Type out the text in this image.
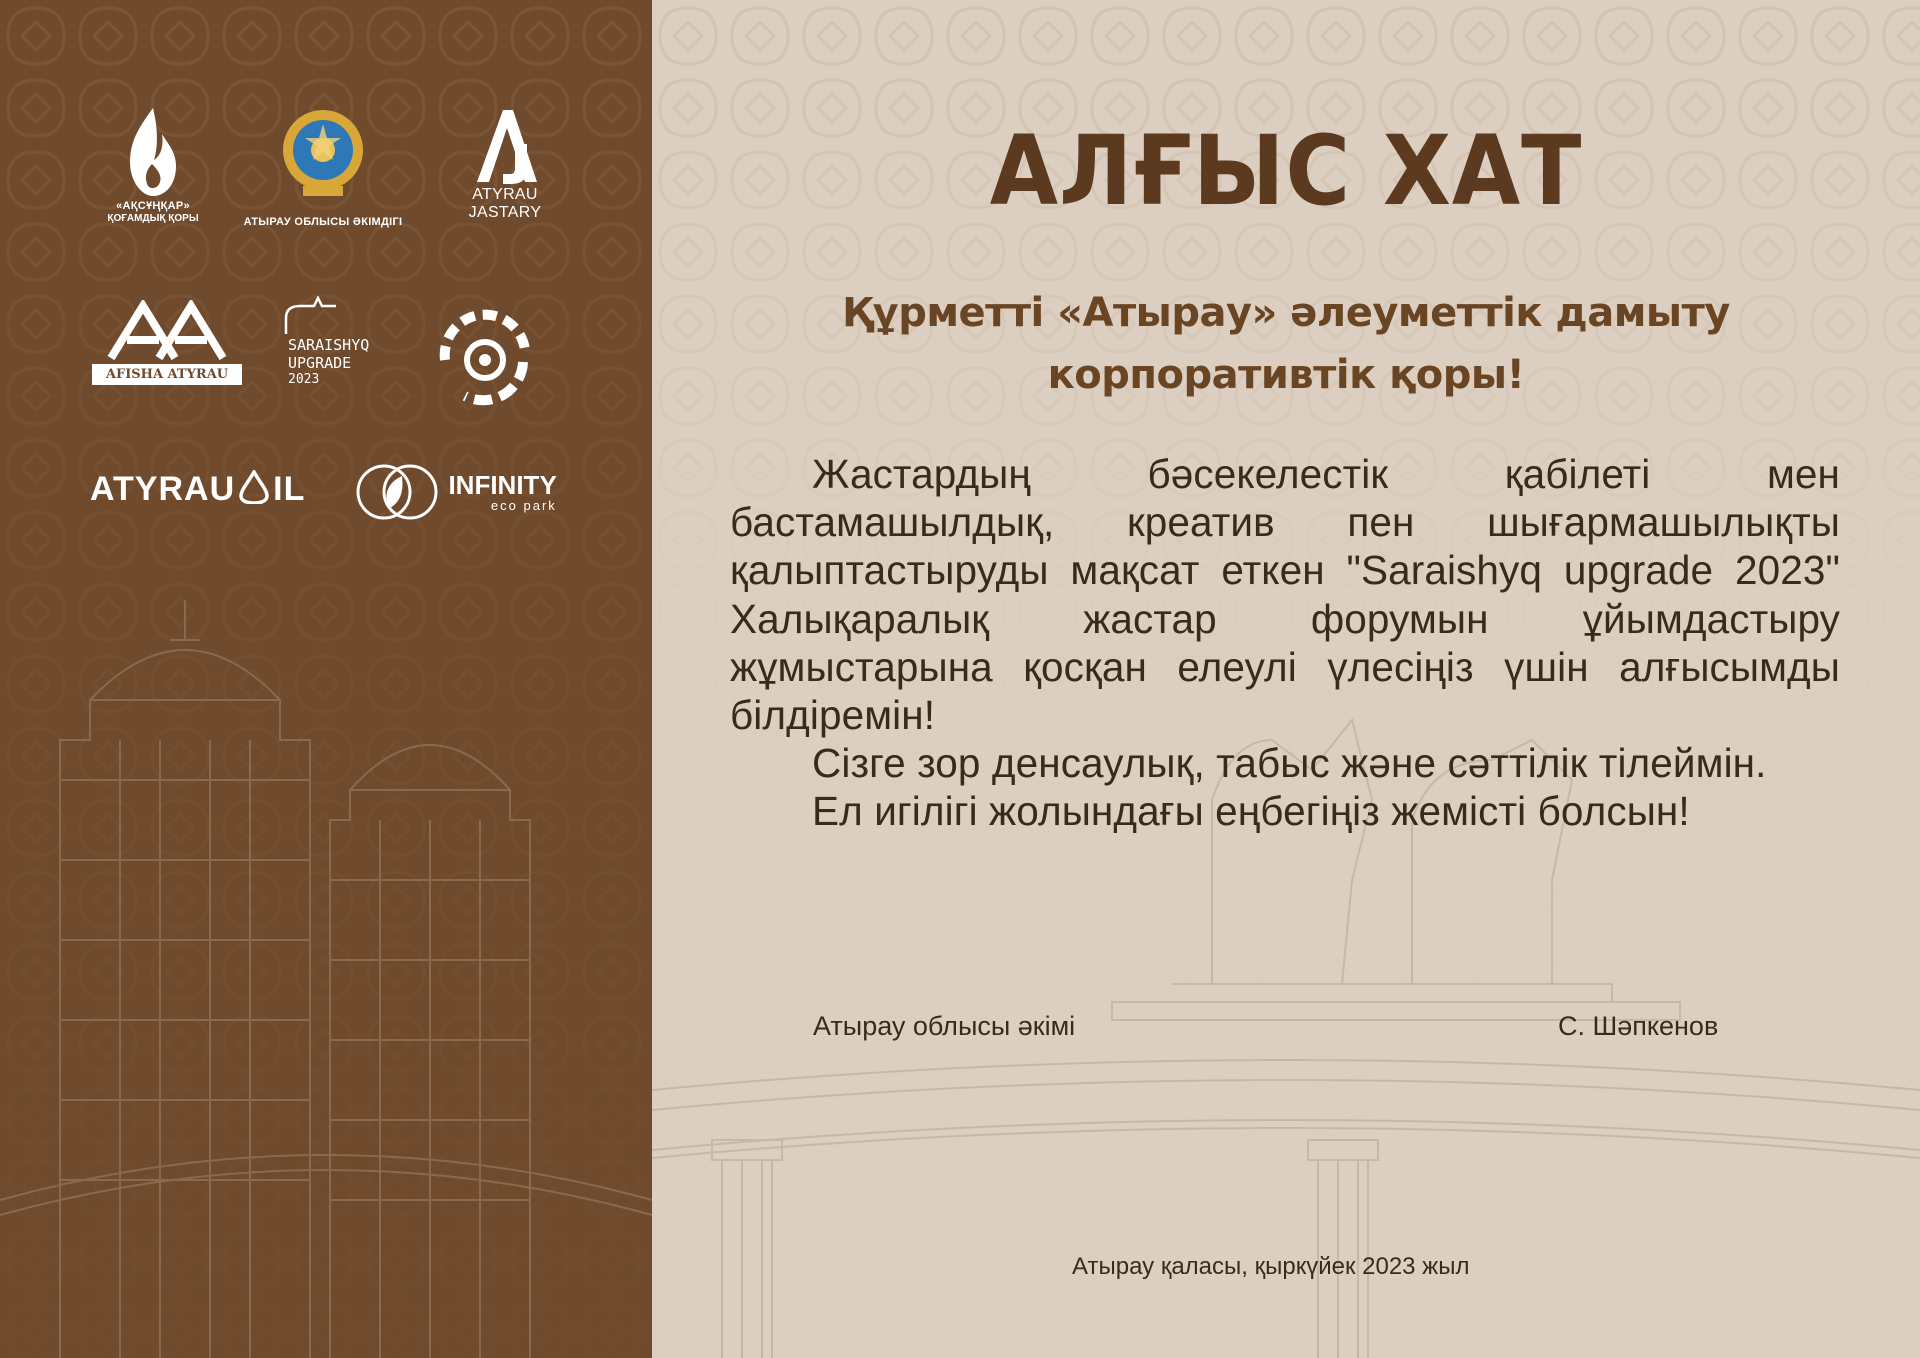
«АҚСҰҢҚАР»
ҚОҒАМДЫҚ ҚОРЫ	АТЫРАУ ОБЛЫСЫ ӘКІМДІГІ
ATYRAU
JASTARY
AFISHA ATYRAU
SARAISHYQ
UPGRADE
2023
ATYRAU IL
	INFINITY
eco park
АЛҒЫС ХАТ
Құрметті «Атырау» әлеуметтік дамыту
корпоративтік қоры!

Жастардың бәсекелестік қабілеті мен бастамашылдық, креатив пен шығармашылықты қалыптастыруды мақсат еткен "Saraishyq upgrade 2023" Халықаралық жастар форумын ұйымдастыру жұмыстарына қосқан елеулі үлесіңіз үшін алғысымды білдіремін!

Сізге зор денсаулық, табыс және сәттілік тілеймін.

Ел игілігі жолындағы еңбегіңіз жемісті болсын!

Атырау облысы әкімі	С. Шәпкенов
Атырау қаласы, қыркүйек 2023 жыл
